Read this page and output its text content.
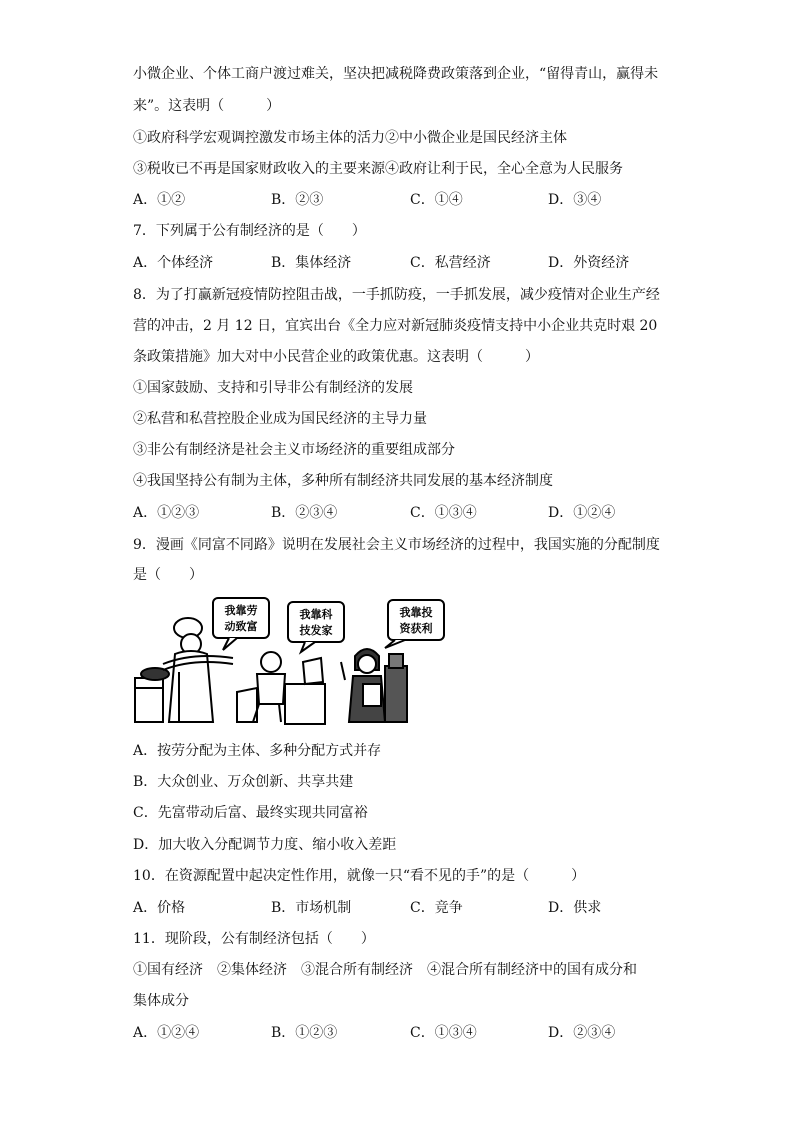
小微企业、个体工商户渡过难关，坚决把减税降费政策落到企业，“留得青山，赢得未
来”。这表明（　　　）
①政府科学宏观调控激发市场主体的活力②中小微企业是国民经济主体
③税收已不再是国家财政收入的主要来源④政府让利于民，全心全意为人民服务
A．①②	B．②③	C．①④	D．③④
7．下列属于公有制经济的是（　　）
A．个体经济	B．集体经济	C．私营经济	D．外资经济
8．为了打赢新冠疫情防控阻击战，一手抓防疫，一手抓发展，减少疫情对企业生产经
营的冲击，2 月 12 日，宜宾出台《全力应对新冠肺炎疫情支持中小企业共克时艰 20
条政策措施》加大对中小民营企业的政策优惠。这表明（　　　）
①国家鼓励、支持和引导非公有制经济的发展
②私营和私营控股企业成为国民经济的主导力量
③非公有制经济是社会主义市场经济的重要组成部分
④我国坚持公有制为主体，多种所有制经济共同发展的基本经济制度
A．①②③	B．②③④	C．①③④	D．①②④
9．漫画《同富不同路》说明在发展社会主义市场经济的过程中，我国实施的分配制度
是（　　）
我靠劳
动致富
我靠科
技发家
我靠投
资获利
A．按劳分配为主体、多种分配方式并存
B．大众创业、万众创新、共享共建
C．先富带动后富、最终实现共同富裕
D．加大收入分配调节力度、缩小收入差距
10．在资源配置中起决定性作用，就像一只“看不见的手”的是（　　　）
A．价格	B．市场机制	C．竞争	D．供求
11．现阶段，公有制经济包括（　　）
①国有经济　②集体经济　③混合所有制经济　④混合所有制经济中的国有成分和
集体成分
A．①②④	B．①②③	C．①③④	D．②③④
